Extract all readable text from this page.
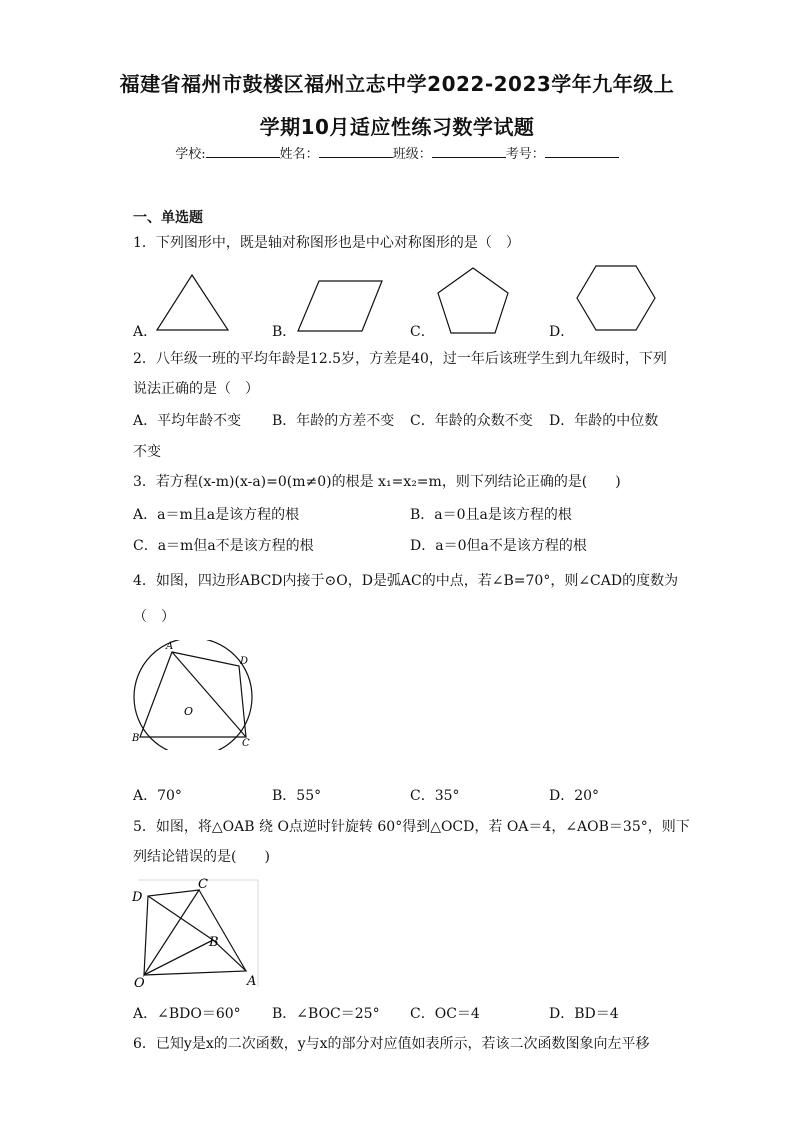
福建省福州市鼓楼区福州立志中学2022-2023学年九年级上
学期10月适应性练习数学试题
学校:	姓名：	班级：	考号：
一、单选题
1．下列图形中，既是轴对称图形也是中心对称图形的是（　）
A．	B．	C．	D．
2．八年级一班的平均年龄是12.5岁，方差是40，过一年后该班学生到九年级时，下列
说法正确的是（　）
A．平均年龄不变 B．年龄的方差不变 C．年龄的众数不变 D．年龄的中位数
不变
3．若方程(x-m)(x-a)=0(m≠0)的根是 x₁=x₂=m，则下列结论正确的是(　　)
A．a＝m且a是该方程的根	B．a＝0且a是该方程的根
C．a＝m但a不是该方程的根	D．a＝0但a不是该方程的根
4．如图，四边形ABCD内接于⊙O，D是弧AC的中点，若∠B=70°，则∠CAD的度数为
（　）
A
D
B	C
O
A．70°	B．55°	C．35°	D．20°
5．如图，将△OAB 绕 O点逆时针旋转 60°得到△OCD，若 OA＝4，∠AOB＝35°，则下
列结论错误的是(　　)
D
C
B
O	A
A．∠BDO＝60° B．∠BOC＝25° C．OC＝4	D．BD＝4
6．已知y是x的二次函数，y与x的部分对应值如表所示，若该二次函数图象向左平移
